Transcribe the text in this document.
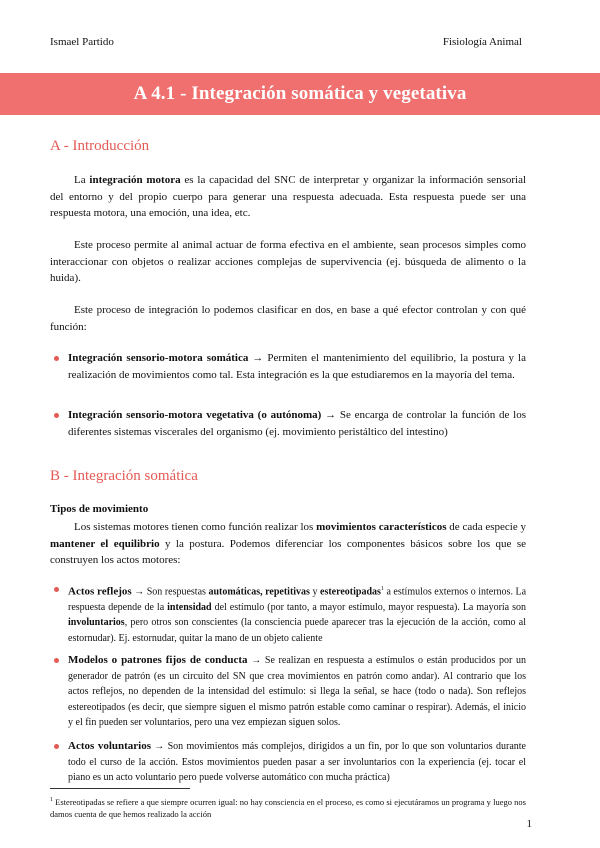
Ismael Partido	Fisiología Animal
A 4.1 - Integración somática y vegetativa
A - Introducción

La integración motora es la capacidad del SNC de interpretar y organizar la información sensorial del entorno y del propio cuerpo para generar una respuesta adecuada. Esta respuesta puede ser una respuesta motora, una emoción, una idea, etc.

Este proceso permite al animal actuar de forma efectiva en el ambiente, sean procesos simples como interaccionar con objetos o realizar acciones complejas de supervivencia (ej. búsqueda de alimento o la huida).

Este proceso de integración lo podemos clasificar en dos, en base a qué efector controlan y con qué función:

Integración sensorio-motora somática → Permiten el mantenimiento del equilibrio, la postura y la realización de movimientos como tal. Esta integración es la que estudiaremos en la mayoría del tema.

Integración sensorio-motora vegetativa (o autónoma) → Se encarga de controlar la función de los diferentes sistemas viscerales del organismo (ej. movimiento peristáltico del intestino)

B - Integración somática

Tipos de movimiento

Los sistemas motores tienen como función realizar los movimientos característicos de cada especie y mantener el equilibrio y la postura. Podemos diferenciar los componentes básicos sobre los que se construyen los actos motores:

Actos reflejos → Son respuestas automáticas, repetitivas y estereotipadas$^1$ a estímulos externos o internos. La respuesta depende de la intensidad del estímulo (por tanto, a mayor estímulo, mayor respuesta). La mayoría son involuntarios, pero otros son conscientes (la consciencia puede aparecer tras la ejecución de la acción, como al estornudar). Ej. estornudar, quitar la mano de un objeto caliente

Modelos o patrones fijos de conducta → Se realizan en respuesta a estímulos o están producidos por un generador de patrón (es un circuito del SN que crea movimientos en patrón como andar). Al contrario que los actos reflejos, no dependen de la intensidad del estímulo: si llega la señal, se hace (todo o nada). Son reflejos estereotipados (es decir, que siempre siguen el mismo patrón estable como caminar o respirar). Además, el inicio y el fin pueden ser voluntarios, pero una vez empiezan siguen solos.

Actos voluntarios → Son movimientos más complejos, dirigidos a un fin, por lo que son voluntarios durante todo el curso de la acción. Estos movimientos pueden pasar a ser involuntarios con la experiencia (ej. tocar el piano es un acto voluntario pero puede volverse automático con mucha práctica)

$^1$ Estereotipadas se refiere a que siempre ocurren igual: no hay consciencia en el proceso, es como si ejecutáramos un programa y luego nos damos cuenta de que hemos realizado la acción

1
